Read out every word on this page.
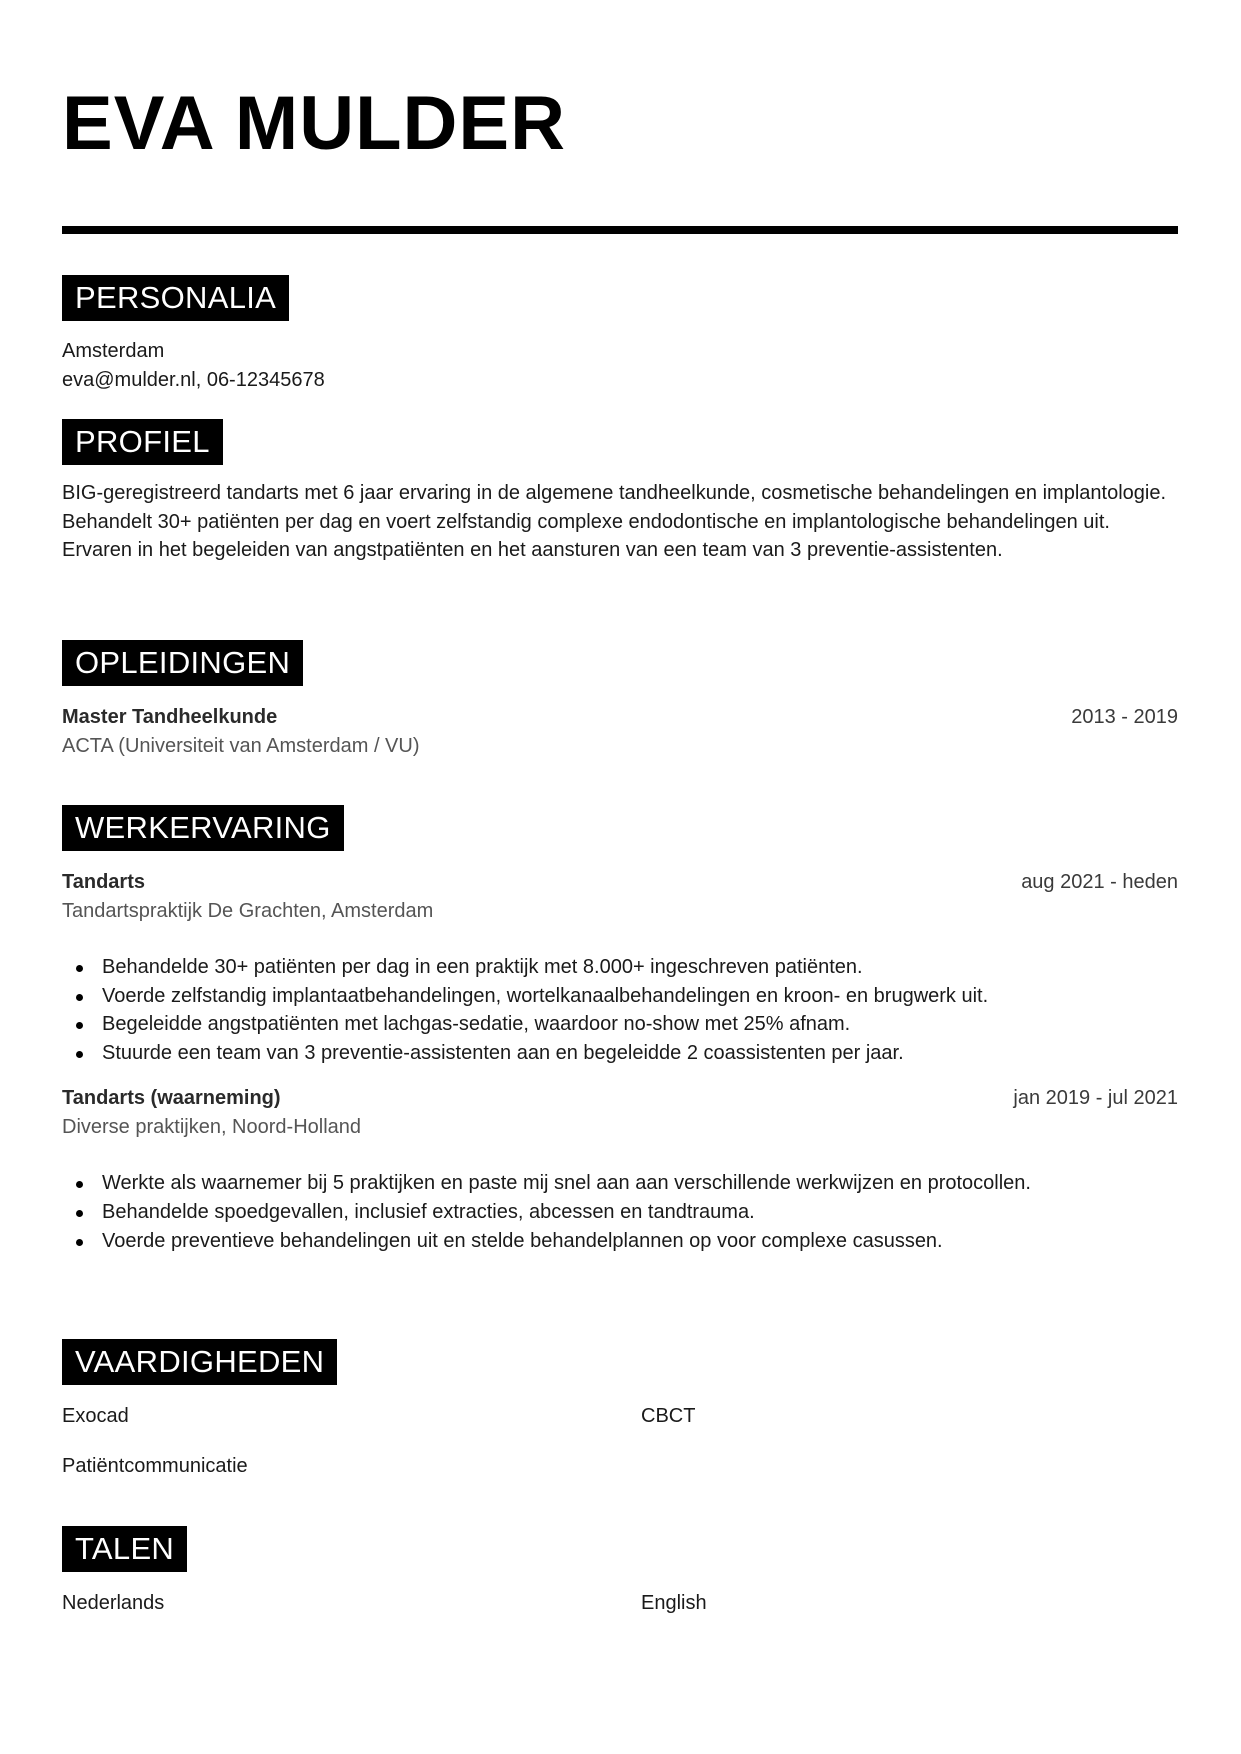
EVA MULDER
PERSONALIA
Amsterdam
eva@mulder.nl, 06-12345678
PROFIEL
BIG-geregistreerd tandarts met 6 jaar ervaring in de algemene tandheelkunde, cosmetische behandelingen en implantologie. Behandelt 30+ patiënten per dag en voert zelfstandig complexe endodontische en implantologische behandelingen uit. Ervaren in het begeleiden van angstpatiënten en het aansturen van een team van 3 preventie-assistenten.
OPLEIDINGEN
Master Tandheelkunde	2013 - 2019
ACTA (Universiteit van Amsterdam / VU)
WERKERVARING
Tandarts	aug 2021 - heden
Tandartspraktijk De Grachten, Amsterdam
Behandelde 30+ patiënten per dag in een praktijk met 8.000+ ingeschreven patiënten.
Voerde zelfstandig implantaatbehandelingen, wortelkanaalbehandelingen en kroon- en brugwerk uit.
Begeleidde angstpatiënten met lachgas-sedatie, waardoor no-show met 25% afnam.
Stuurde een team van 3 preventie-assistenten aan en begeleidde 2 coassistenten per jaar.
Tandarts (waarneming)	jan 2019 - jul 2021
Diverse praktijken, Noord-Holland
Werkte als waarnemer bij 5 praktijken en paste mij snel aan aan verschillende werkwijzen en protocollen.
Behandelde spoedgevallen, inclusief extracties, abcessen en tandtrauma.
Voerde preventieve behandelingen uit en stelde behandelplannen op voor complexe casussen.
VAARDIGHEDEN
Exocad	CBCT
Patiëntcommunicatie
TALEN
Nederlands	English
